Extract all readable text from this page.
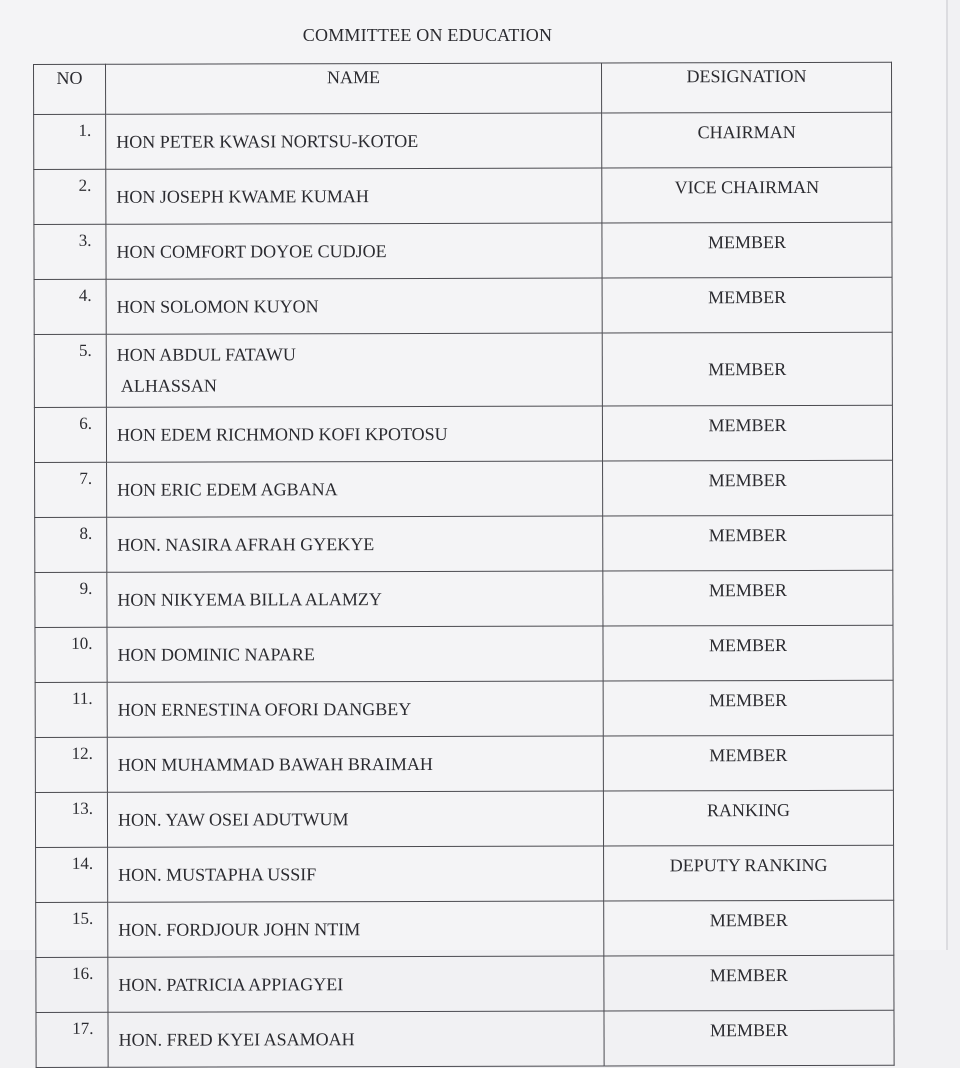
COMMITTEE ON EDUCATION
NO	NAME	DESIGNATION
1.	HON PETER KWASI NORTSU-KOTOE	CHAIRMAN
2.	HON JOSEPH KWAME KUMAH	VICE CHAIRMAN
3.	HON COMFORT DOYOE CUDJOE	MEMBER
4.	HON SOLOMON KUYON	MEMBER
5.	HON ABDUL FATAWU
ALHASSAN	MEMBER
6.	HON EDEM RICHMOND KOFI KPOTOSU	MEMBER
7.	HON ERIC EDEM AGBANA	MEMBER
8.	HON. NASIRA AFRAH GYEKYE	MEMBER
9.	HON NIKYEMA BILLA ALAMZY	MEMBER
10.	HON DOMINIC NAPARE	MEMBER
11.	HON ERNESTINA OFORI DANGBEY	MEMBER
12.	HON MUHAMMAD BAWAH BRAIMAH	MEMBER
13.	HON. YAW OSEI ADUTWUM	RANKING
14.	HON. MUSTAPHA USSIF	DEPUTY RANKING
15.	HON. FORDJOUR JOHN NTIM	MEMBER
16.	HON. PATRICIA APPIAGYEI	MEMBER
17.	HON. FRED KYEI ASAMOAH	MEMBER
